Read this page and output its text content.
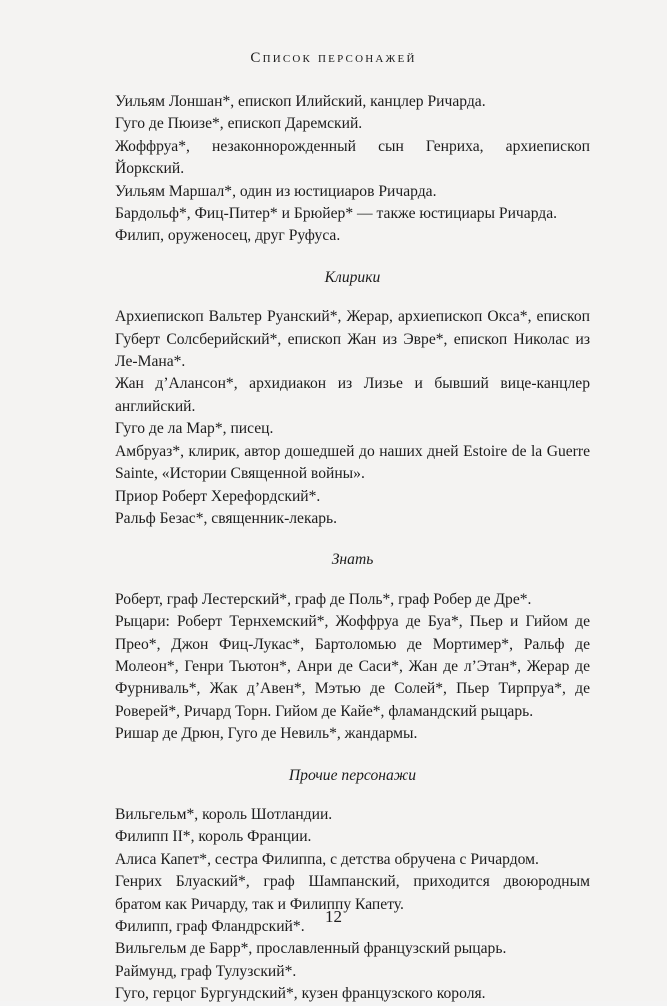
Список персонажей

Уильям Лоншан*, епископ Илийский, канцлер Ричарда.

Гуго де Пюизе*, епископ Даремский.

Жоффруа*, незаконнорожденный сын Генриха, архиепископ Йоркский.

Уильям Маршал*, один из юстициаров Ричарда.

Бардольф*, Фиц-Питер* и Брюйер* — также юстициары Ричарда.

Филип, оруженосец, друг Руфуса.

Клирики

Архиепископ Вальтер Руанский*, Жерар, архиепископ Окса*, епископ Губерт Солсберийский*, епископ Жан из Эвре*, епископ Николас из Ле-Мана*.

Жан д’Алансон*, архидиакон из Лизье и бывший вице-канцлер английский.

Гуго де ла Мар*, писец.

Амбруаз*, клирик, автор дошедшей до наших дней Estoire de la Guerre Sainte, «Истории Священной войны».

Приор Роберт Херефордский*.

Ральф Безас*, священник-лекарь.

Знать

Роберт, граф Лестерский*, граф де Поль*, граф Робер де Дре*.

Рыцари: Роберт Тернхемский*, Жоффруа де Буа*, Пьер и Гийом де Прео*, Джон Фиц-Лукас*, Бартоломью де Мортимер*, Ральф де Молеон*, Генри Тьютон*, Анри де Саси*, Жан де л’Этан*, Жерар де Фурниваль*, Жак д’Авен*, Мэтью де Солей*, Пьер Тирпруа*, де Роверей*, Ричард Торн. Гийом де Кайе*, фламандский рыцарь.

Ришар де Дрюн, Гуго де Невиль*, жандармы.

Прочие персонажи

Вильгельм*, король Шотландии.

Филипп II*, король Франции.

Алиса Капет*, сестра Филиппа, с детства обручена с Ричардом.

Генрих Блуаский*, граф Шампанский, приходится двоюродным братом как Ричарду, так и Филиппу Капету.

Филипп, граф Фландрский*.

Вильгельм де Барр*, прославленный французский рыцарь.

Раймунд, граф Тулузский*.

Гуго, герцог Бургундский*, кузен французского короля.

12
